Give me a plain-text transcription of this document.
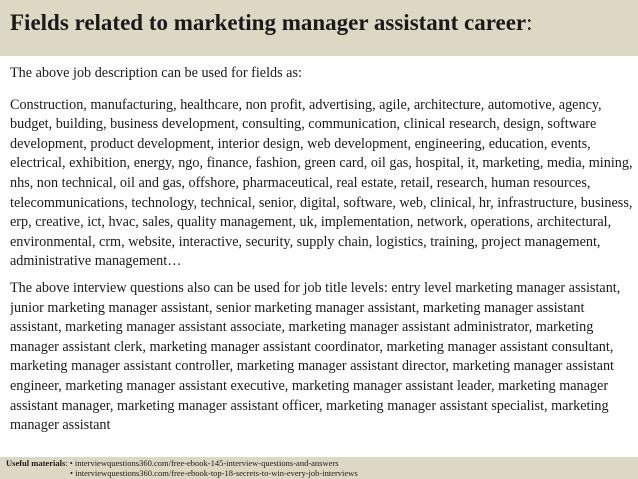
Fields related to marketing manager assistant career:

The above job description can be used for fields as:

Construction, manufacturing, healthcare, non profit, advertising, agile, architecture, automotive, agency, budget, building, business development, consulting, communication, clinical research, design, software development, product development, interior design, web development, engineering, education, events, electrical, exhibition, energy, ngo, finance, fashion, green card, oil gas, hospital, it, marketing, media, mining, nhs, non technical, oil and gas, offshore, pharmaceutical, real estate, retail, research, human resources, telecommunications, technology, technical, senior, digital, software, web, clinical, hr, infrastructure, business, erp, creative, ict, hvac, sales, quality management, uk, implementation, network, operations, architectural, environmental, crm, website, interactive, security, supply chain, logistics, training, project management, administrative management…

The above interview questions also can be used for job title levels: entry level marketing manager assistant, junior marketing manager assistant, senior marketing manager assistant, marketing manager assistant assistant, marketing manager assistant associate, marketing manager assistant administrator, marketing manager assistant clerk, marketing manager assistant coordinator, marketing manager assistant consultant, marketing manager assistant controller, marketing manager assistant director, marketing manager assistant engineer, marketing manager assistant executive, marketing manager assistant leader, marketing manager assistant manager, marketing manager assistant officer, marketing manager assistant specialist, marketing manager assistant

Useful materials: • interviewquestions360.com/free-ebook-145-interview-questions-and-answers
• interviewquestions360.com/free-ebook-top-18-secrets-to-win-every-job-interviews
